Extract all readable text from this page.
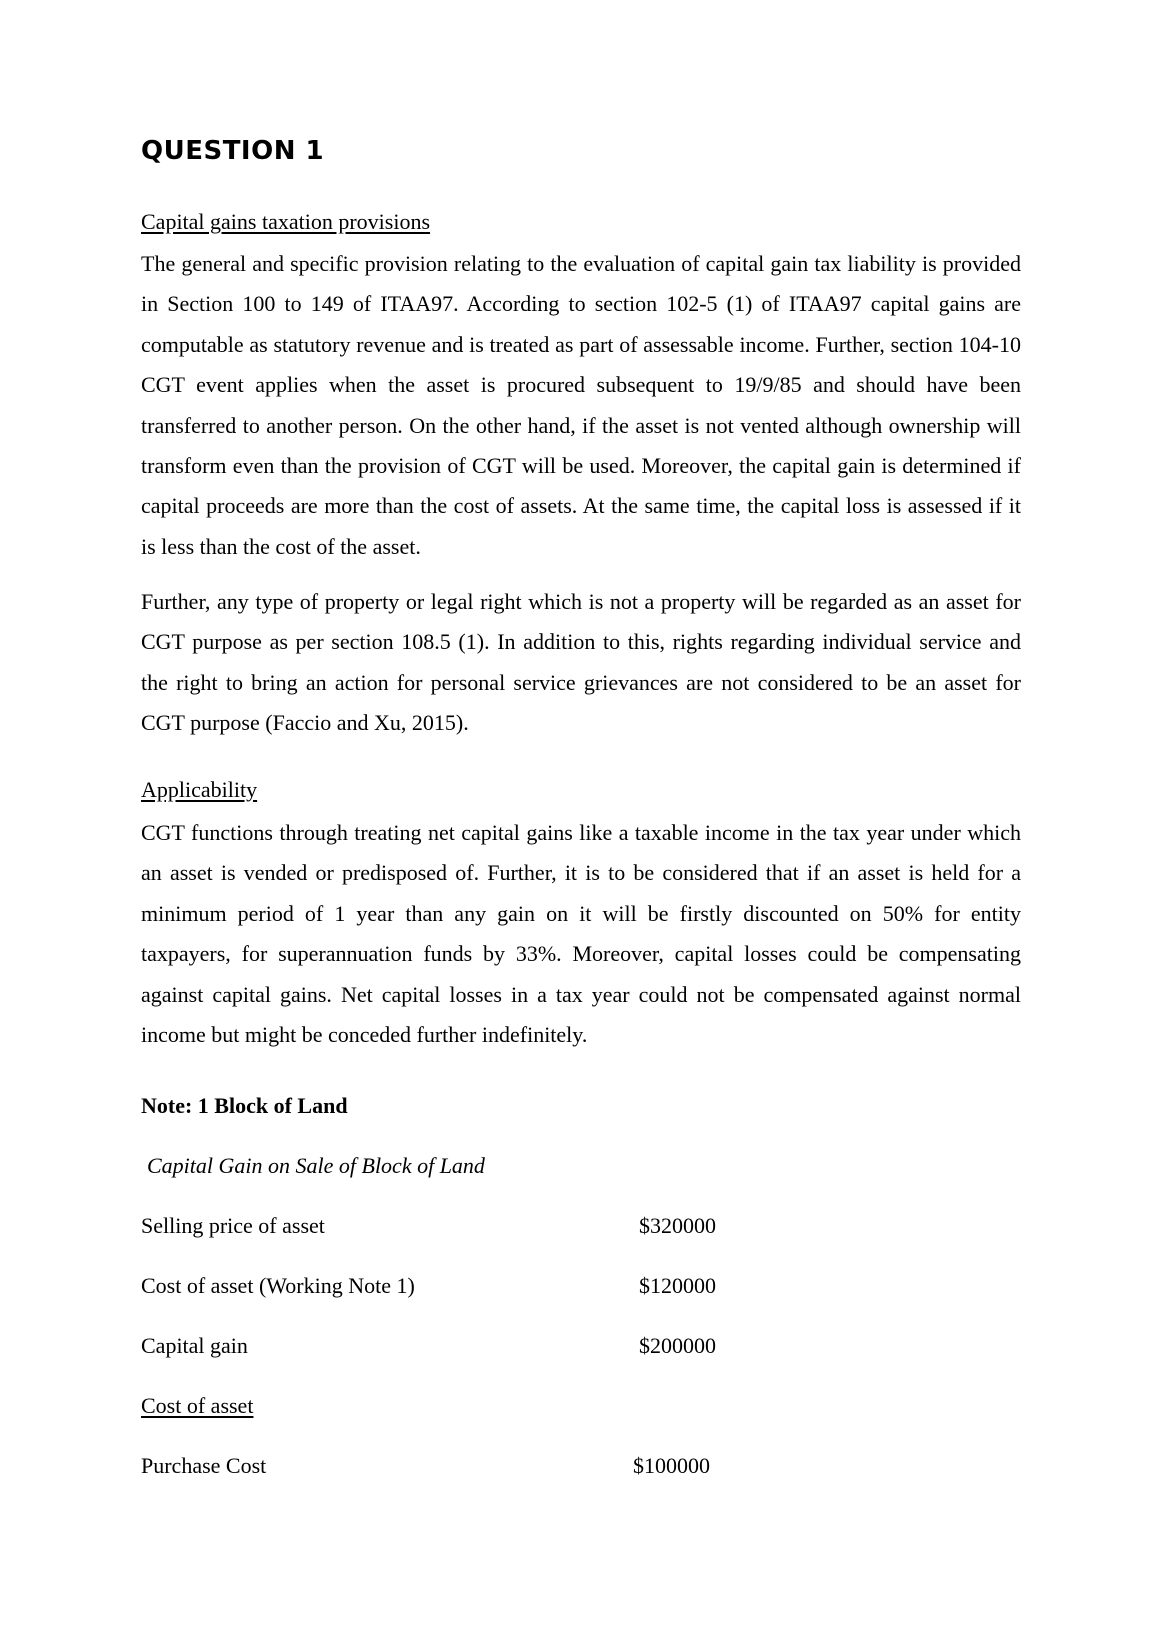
QUESTION 1
Capital gains taxation provisions

The general and specific provision relating to the evaluation of capital gain tax liability is provided in Section 100 to 149 of ITAA97. According to section 102-5 (1) of ITAA97 capital gains are computable as statutory revenue and is treated as part of assessable income. Further, section 104-10 CGT event applies when the asset is procured subsequent to 19/9/85 and should have been transferred to another person. On the other hand, if the asset is not vented although ownership will transform even than the provision of CGT will be used. Moreover, the capital gain is determined if capital proceeds are more than the cost of assets. At the same time, the capital loss is assessed if it is less than the cost of the asset.

Further, any type of property or legal right which is not a property will be regarded as an asset for CGT purpose as per section 108.5 (1). In addition to this, rights regarding individual service and the right to bring an action for personal service grievances are not considered to be an asset for CGT purpose (Faccio and Xu, 2015).

Applicability

CGT functions through treating net capital gains like a taxable income in the tax year under which an asset is vended or predisposed of. Further, it is to be considered that if an asset is held for a minimum period of 1 year than any gain on it will be firstly discounted on 50% for entity taxpayers, for superannuation funds by 33%. Moreover, capital losses could be compensating against capital gains. Net capital losses in a tax year could not be compensated against normal income but might be conceded further indefinitely.

Note: 1 Block of Land
Capital Gain on Sale of Block of Land
Selling price of asset	$320000
Cost of asset (Working Note 1)	$120000
Capital gain	$200000
Cost of asset
Purchase Cost	$100000
